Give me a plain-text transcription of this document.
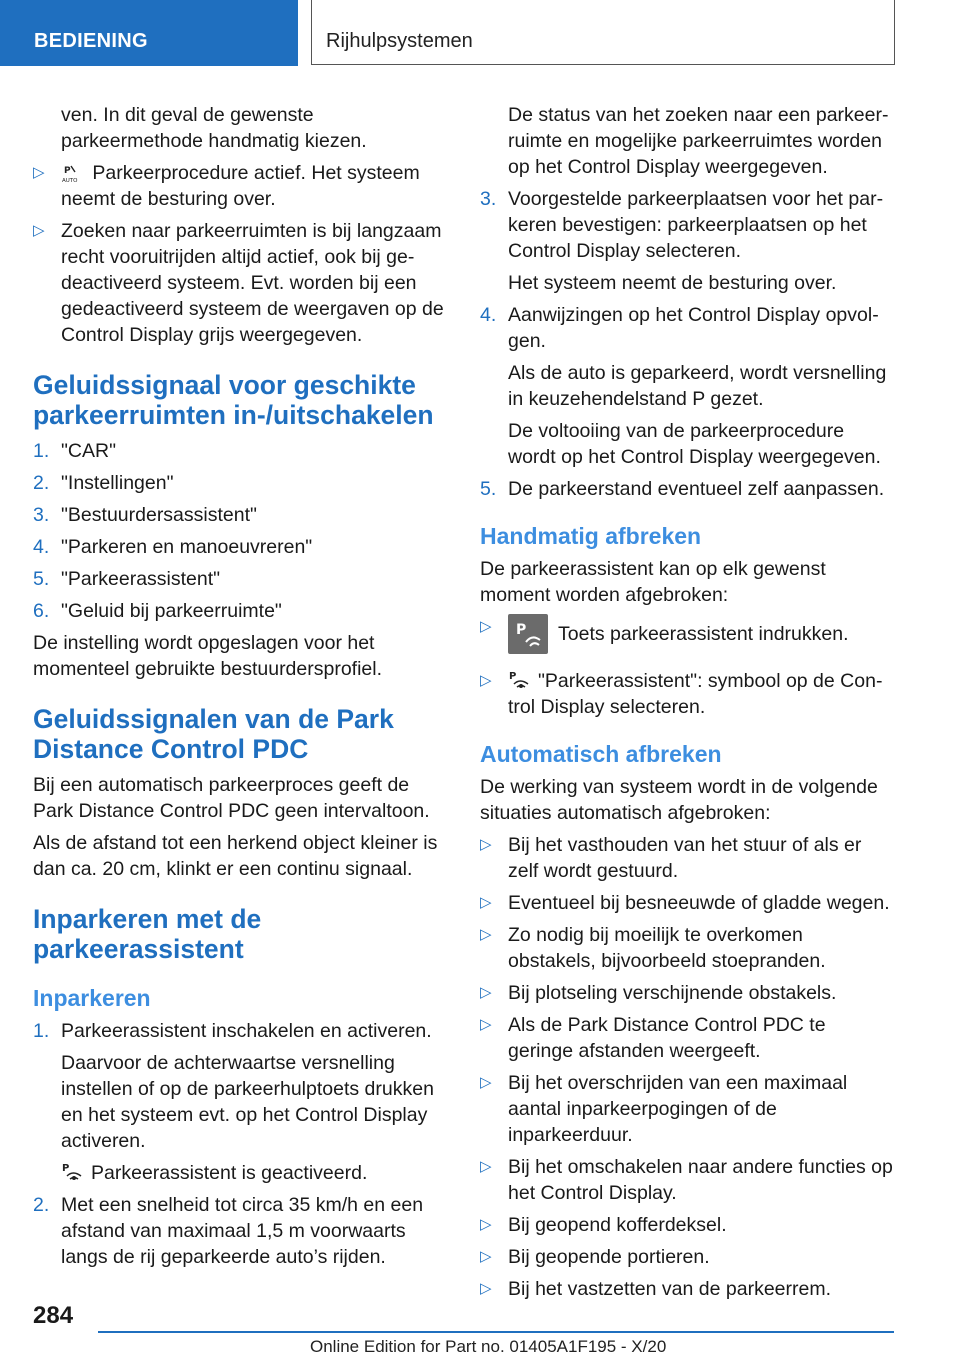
BEDIENING	Rijhulpsystemen

ven. In dit geval de gewenste parkeermethode handmatig kiezen.

▷ P
AUTO Parkeerprocedure actief. Het systeem neemt de besturing over.
▷ Zoeken naar parkeerruimten is bij langzaam recht vooruitrijden altijd actief, ook bij gedeactiveerd systeem. Evt. worden bij een gedeactiveerd systeem de weergaven op de Control Display grijs weergegeven.
Geluidssignaal voor geschikte parkeerruimten in-/uitschakelen
1. "CAR"
2. "Instellingen"
3. "Bestuurdersassistent"
4. "Parkeren en manoeuvreren"
5. "Parkeerassistent"
6. "Geluid bij parkeerruimte"

De instelling wordt opgeslagen voor het momenteel gebruikte bestuurdersprofiel.

Geluidssignalen van de Park Distance Control PDC

Bij een automatisch parkeerproces geeft de Park Distance Control PDC geen intervaltoon.

Als de afstand tot een herkend object kleiner is dan ca. 20 cm, klinkt er een continu signaal.

Inparkeren met de parkeerassistent
Inparkeren
1. Parkeerassistent inschakelen en activeren.

Daarvoor de achterwaartse versnelling instellen of op de parkeerhulptoets drukken en het systeem evt. op het Control Display activeren.

P Parkeerassistent is geactiveerd.

2. Met een snelheid tot circa 35 km/h en een afstand van maximaal 1,5 m voorwaarts langs de rij geparkeerde auto’s rijden.

De status van het zoeken naar een parkeerruimte en mogelijke parkeerruimtes worden op het Control Display weergegeven.

3. Voorgestelde parkeerplaatsen voor het parkeren bevestigen: parkeerplaatsen op het Control Display selecteren.

Het systeem neemt de besturing over.

4. Aanwijzingen op het Control Display opvolgen.

Als de auto is geparkeerd, wordt versnelling in keuzehendelstand P gezet.

De voltooiing van de parkeerprocedure wordt op het Control Display weergegeven.

5. De parkeerstand eventueel zelf aanpassen.
Handmatig afbreken

De parkeerassistent kan op elk gewenst moment worden afgebroken:

▷ P Toets parkeerassistent indrukken.
▷ P "Parkeerassistent": symbool op de Control Display selecteren.
Automatisch afbreken

De werking van systeem wordt in de volgende situaties automatisch afgebroken:

▷ Bij het vasthouden van het stuur of als er zelf wordt gestuurd.
▷ Eventueel bij besneeuwde of gladde wegen.
▷ Zo nodig bij moeilijk te overkomen obstakels, bijvoorbeeld stoepranden.
▷ Bij plotseling verschijnende obstakels.
▷ Als de Park Distance Control PDC te geringe afstanden weergeeft.
▷ Bij het overschrijden van een maximaal aantal inparkeerpogingen of de inparkeerduur.
▷ Bij het omschakelen naar andere functies op het Control Display.
▷ Bij geopend kofferdeksel.
▷ Bij geopende portieren.
▷ Bij het vastzetten van de parkeerrem.
284
Online Edition for Part no. 01405A1F195 - X/20
